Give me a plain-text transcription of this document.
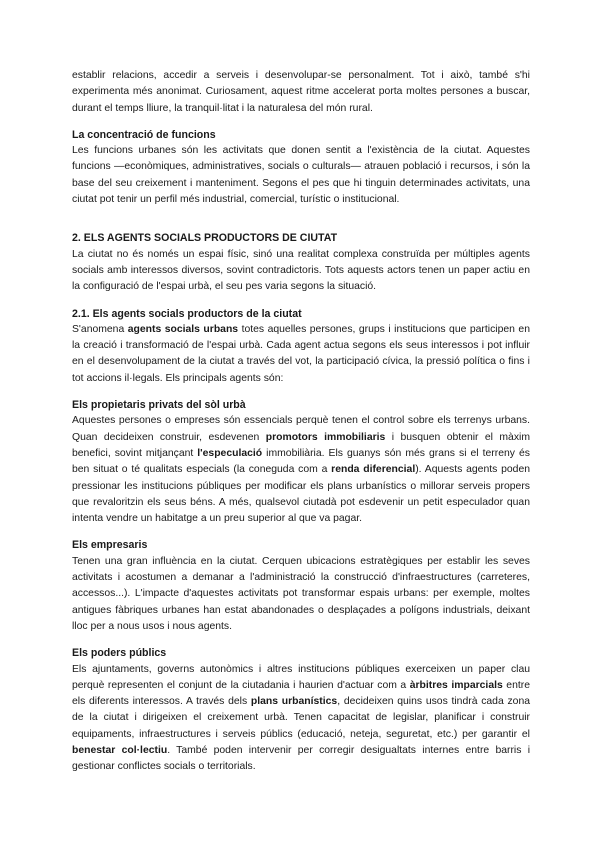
establir relacions, accedir a serveis i desenvolupar-se personalment. Tot i això, també s'hi experimenta més anonimat. Curiosament, aquest ritme accelerat porta moltes persones a buscar, durant el temps lliure, la tranquil·litat i la naturalesa del món rural.

La concentració de funcions

Les funcions urbanes són les activitats que donen sentit a l'existència de la ciutat. Aquestes funcions —econòmiques, administratives, socials o culturals— atrauen població i recursos, i són la base del seu creixement i manteniment. Segons el pes que hi tinguin determinades activitats, una ciutat pot tenir un perfil més industrial, comercial, turístic o institucional.

2. ELS AGENTS SOCIALS PRODUCTORS DE CIUTAT

La ciutat no és només un espai físic, sinó una realitat complexa construïda per múltiples agents socials amb interessos diversos, sovint contradictoris. Tots aquests actors tenen un paper actiu en la configuració de l'espai urbà, el seu pes varia segons la situació.

2.1. Els agents socials productors de la ciutat

S'anomena agents socials urbans totes aquelles persones, grups i institucions que participen en la creació i transformació de l'espai urbà. Cada agent actua segons els seus interessos i pot influir en el desenvolupament de la ciutat a través del vot, la participació cívica, la pressió política o fins i tot accions il·legals. Els principals agents són:

Els propietaris privats del sòl urbà

Aquestes persones o empreses són essencials perquè tenen el control sobre els terrenys urbans. Quan decideixen construir, esdevenen promotors immobiliaris i busquen obtenir el màxim benefici, sovint mitjançant l'especulació immobiliària. Els guanys són més grans si el terreny és ben situat o té qualitats especials (la coneguda com a renda diferencial). Aquests agents poden pressionar les institucions públiques per modificar els plans urbanístics o millorar serveis propers que revaloritzin els seus béns. A més, qualsevol ciutadà pot esdevenir un petit especulador quan intenta vendre un habitatge a un preu superior al que va pagar.

Els empresaris

Tenen una gran influència en la ciutat. Cerquen ubicacions estratègiques per establir les seves activitats i acostumen a demanar a l'administració la construcció d'infraestructures (carreteres, accessos...). L'impacte d'aquestes activitats pot transformar espais urbans: per exemple, moltes antigues fàbriques urbanes han estat abandonades o desplaçades a polígons industrials, deixant lloc per a nous usos i nous agents.

Els poders públics

Els ajuntaments, governs autonòmics i altres institucions públiques exerceixen un paper clau perquè representen el conjunt de la ciutadania i haurien d'actuar com a àrbitres imparcials entre els diferents interessos. A través dels plans urbanístics, decideixen quins usos tindrà cada zona de la ciutat i dirigeixen el creixement urbà. Tenen capacitat de legislar, planificar i construir equipaments, infraestructures i serveis públics (educació, neteja, seguretat, etc.) per garantir el benestar col·lectiu. També poden intervenir per corregir desigualtats internes entre barris i gestionar conflictes socials o territorials.
